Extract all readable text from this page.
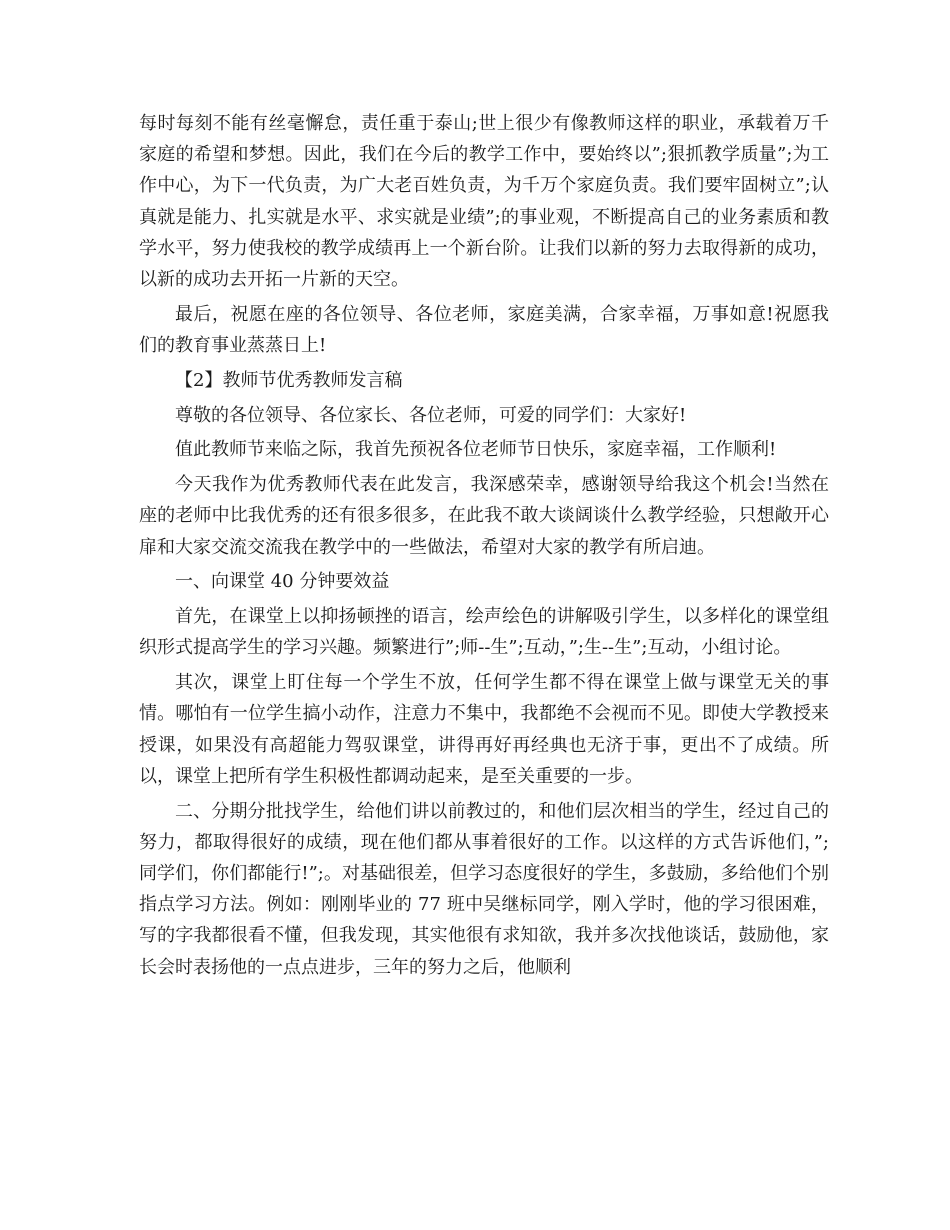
每时每刻不能有丝毫懈怠，责任重于泰山;世上很少有像教师这样的职业，承载着万千家庭的希望和梦想。因此，我们在今后的教学工作中，要始终以”;狠抓教学质量”;为工作中心，为下一代负责，为广大老百姓负责，为千万个家庭负责。我们要牢固树立”;认真就是能力、扎实就是水平、求实就是业绩”;的事业观，不断提高自己的业务素质和教学水平，努力使我校的教学成绩再上一个新台阶。让我们以新的努力去取得新的成功，以新的成功去开拓一片新的天空。

最后，祝愿在座的各位领导、各位老师，家庭美满，合家幸福，万事如意!祝愿我们的教育事业蒸蒸日上!

【2】教师节优秀教师发言稿

尊敬的各位领导、各位家长、各位老师，可爱的同学们：大家好!

值此教师节来临之际，我首先预祝各位老师节日快乐，家庭幸福，工作顺利!

今天我作为优秀教师代表在此发言，我深感荣幸，感谢领导给我这个机会!当然在座的老师中比我优秀的还有很多很多，在此我不敢大谈阔谈什么教学经验，只想敞开心扉和大家交流交流我在教学中的一些做法，希望对大家的教学有所启迪。

一、向课堂 40 分钟要效益

首先，在课堂上以抑扬顿挫的语言，绘声绘色的讲解吸引学生，以多样化的课堂组织形式提高学生的学习兴趣。频繁进行”;师--生”;互动，”;生--生”;互动，小组讨论。

其次，课堂上盯住每一个学生不放，任何学生都不得在课堂上做与课堂无关的事情。哪怕有一位学生搞小动作，注意力不集中，我都绝不会视而不见。即使大学教授来授课，如果没有高超能力驾驭课堂，讲得再好再经典也无济于事，更出不了成绩。所以，课堂上把所有学生积极性都调动起来，是至关重要的一步。

二、分期分批找学生，给他们讲以前教过的，和他们层次相当的学生，经过自己的努力，都取得很好的成绩，现在他们都从事着很好的工作。以这样的方式告诉他们，”;同学们，你们都能行!”;。对基础很差，但学习态度很好的学生，多鼓励，多给他们个别指点学习方法。例如：刚刚毕业的 77 班中吴继标同学，刚入学时，他的学习很困难，写的字我都很看不懂，但我发现，其实他很有求知欲，我并多次找他谈话，鼓励他，家长会时表扬他的一点点进步，三年的努力之后，他顺利
